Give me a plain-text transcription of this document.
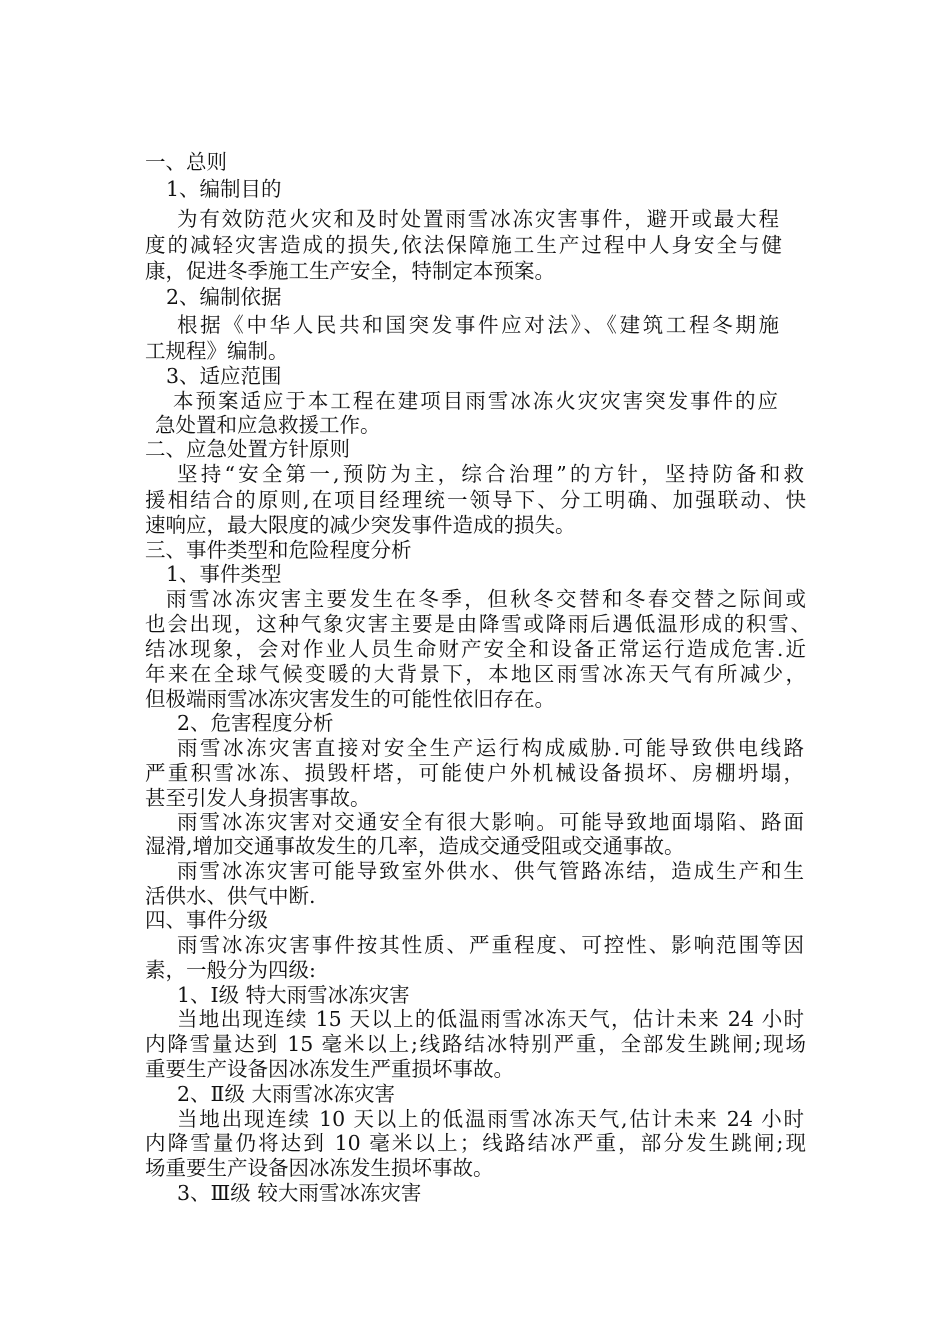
一、总则
1、编制目的
为有效防范火灾和及时处置雨雪冰冻灾害事件，避开或最大程
度的减轻灾害造成的损失,依法保障施工生产过程中人身安全与健
康，促进冬季施工生产安全，特制定本预案。
2、编制依据
根据《中华人民共和国突发事件应对法》、《建筑工程冬期施
工规程》编制。
3、适应范围
本预案适应于本工程在建项目雨雪冰冻火灾灾害突发事件的应
急处置和应急救援工作。
二、应急处置方针原则
坚持“安全第一,预防为主，综合治理”的方针，坚持防备和救
援相结合的原则,在项目经理统一领导下、分工明确、加强联动、快
速响应，最大限度的减少突发事件造成的损失。
三、事件类型和危险程度分析
1、事件类型
雨雪冰冻灾害主要发生在冬季，但秋冬交替和冬春交替之际间或
也会出现，这种气象灾害主要是由降雪或降雨后遇低温形成的积雪、
结冰现象，会对作业人员生命财产安全和设备正常运行造成危害.近
年来在全球气候变暖的大背景下，本地区雨雪冰冻天气有所减少，
但极端雨雪冰冻灾害发生的可能性依旧存在。
2、危害程度分析
雨雪冰冻灾害直接对安全生产运行构成威胁.可能导致供电线路
严重积雪冰冻、损毁杆塔，可能使户外机械设备损坏、房棚坍塌，
甚至引发人身损害事故。
雨雪冰冻灾害对交通安全有很大影响。可能导致地面塌陷、路面
湿滑,增加交通事故发生的几率，造成交通受阻或交通事故。
雨雪冰冻灾害可能导致室外供水、供气管路冻结，造成生产和生
活供水、供气中断.
四、事件分级
雨雪冰冻灾害事件按其性质、严重程度、可控性、影响范围等因
素，一般分为四级:
1、Ⅰ级 特大雨雪冰冻灾害
当地出现连续 15 天以上的低温雨雪冰冻天气，估计未来 24 小时
内降雪量达到 15 毫米以上;线路结冰特别严重，全部发生跳闸;现场
重要生产设备因冰冻发生严重损坏事故。
2、Ⅱ级 大雨雪冰冻灾害
当地出现连续 10 天以上的低温雨雪冰冻天气,估计未来 24 小时
内降雪量仍将达到 10 毫米以上；线路结冰严重，部分发生跳闸;现
场重要生产设备因冰冻发生损坏事故。
3、Ⅲ级 较大雨雪冰冻灾害
